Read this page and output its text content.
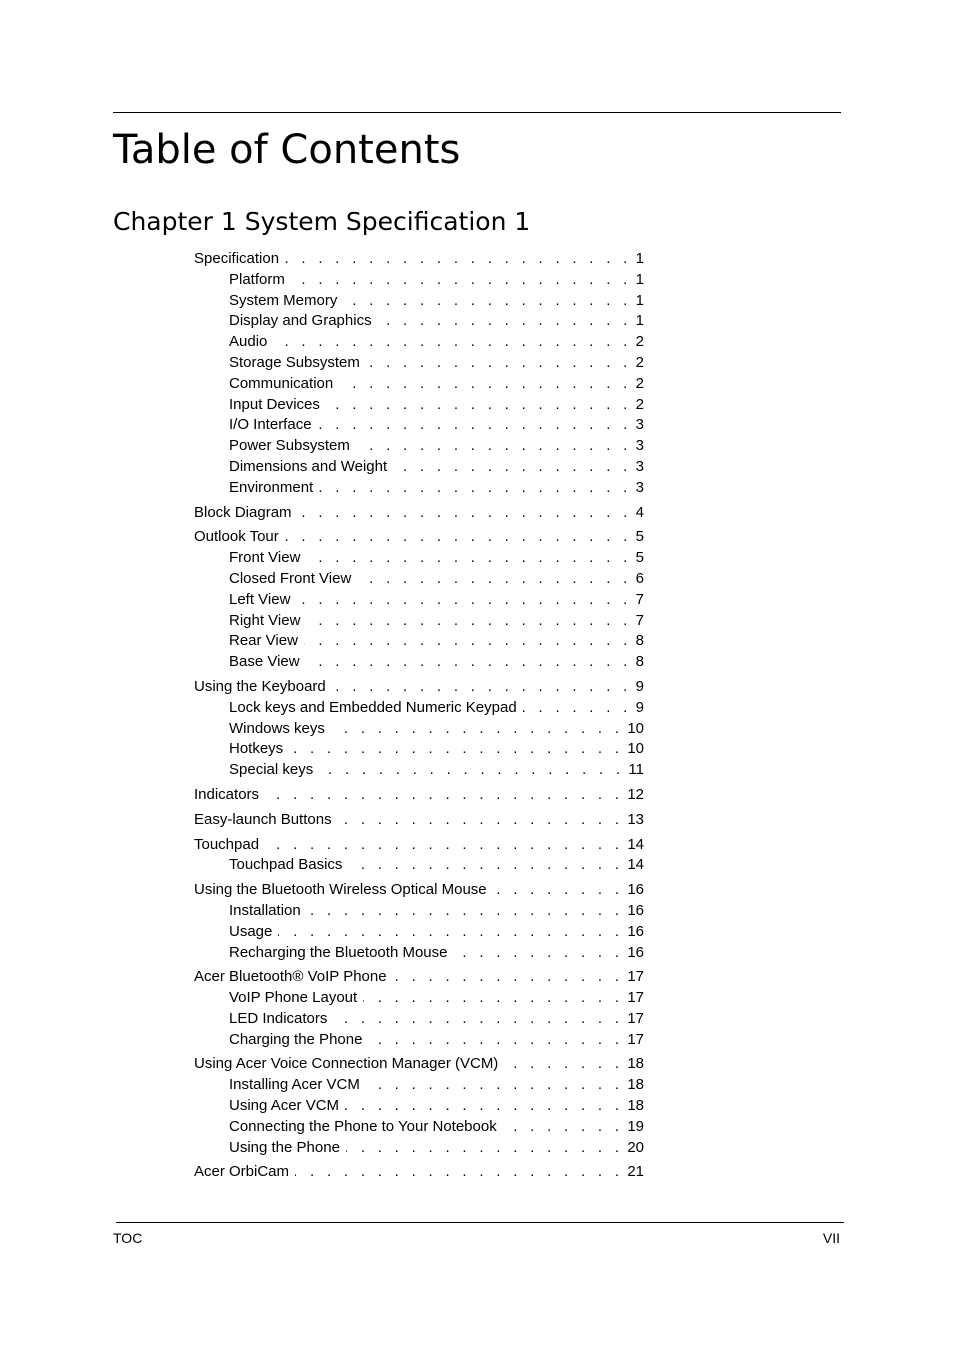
Table of Contents
Chapter 1 System Specification 1
Specification . . .	1
Platform . . .	1
System Memory . . .	1
Display and Graphics . . .	1
Audio . . .	2
Storage Subsystem . . .	2
Communication . . .	2
Input Devices . . .	2
I/O Interface . . .	3
Power Subsystem . . .	3
Dimensions and Weight . . .	3
Environment . . .	3
Block Diagram . . .	4
Outlook Tour . . .	5
Front View . . .	5
Closed Front View . . .	6
Left View . . .	7
Right View . . .	7
Rear View . . .	8
Base View . . .	8
Using the Keyboard . . .	9
Lock keys and Embedded Numeric Keypad . . .	9
Windows keys . . .	10
Hotkeys . . .	10
Special keys . . .	11
Indicators . . .	12
Easy-launch Buttons . . .	13
Touchpad . . .	14
Touchpad Basics . . .	14
Using the Bluetooth Wireless Optical Mouse . . .	16
Installation . . .	16
Usage . . .	16
Recharging the Bluetooth Mouse . . .	16
Acer Bluetooth® VoIP Phone . . .	17
VoIP Phone Layout . . .	17
LED Indicators . . .	17
Charging the Phone . . .	17
Using Acer Voice Connection Manager (VCM) . . .	18
Installing Acer VCM . . .	18
Using Acer VCM . . .	18
Connecting the Phone to Your Notebook . . .	19
Using the Phone . . .	20
Acer OrbiCam . . .	21
TOC	VII
